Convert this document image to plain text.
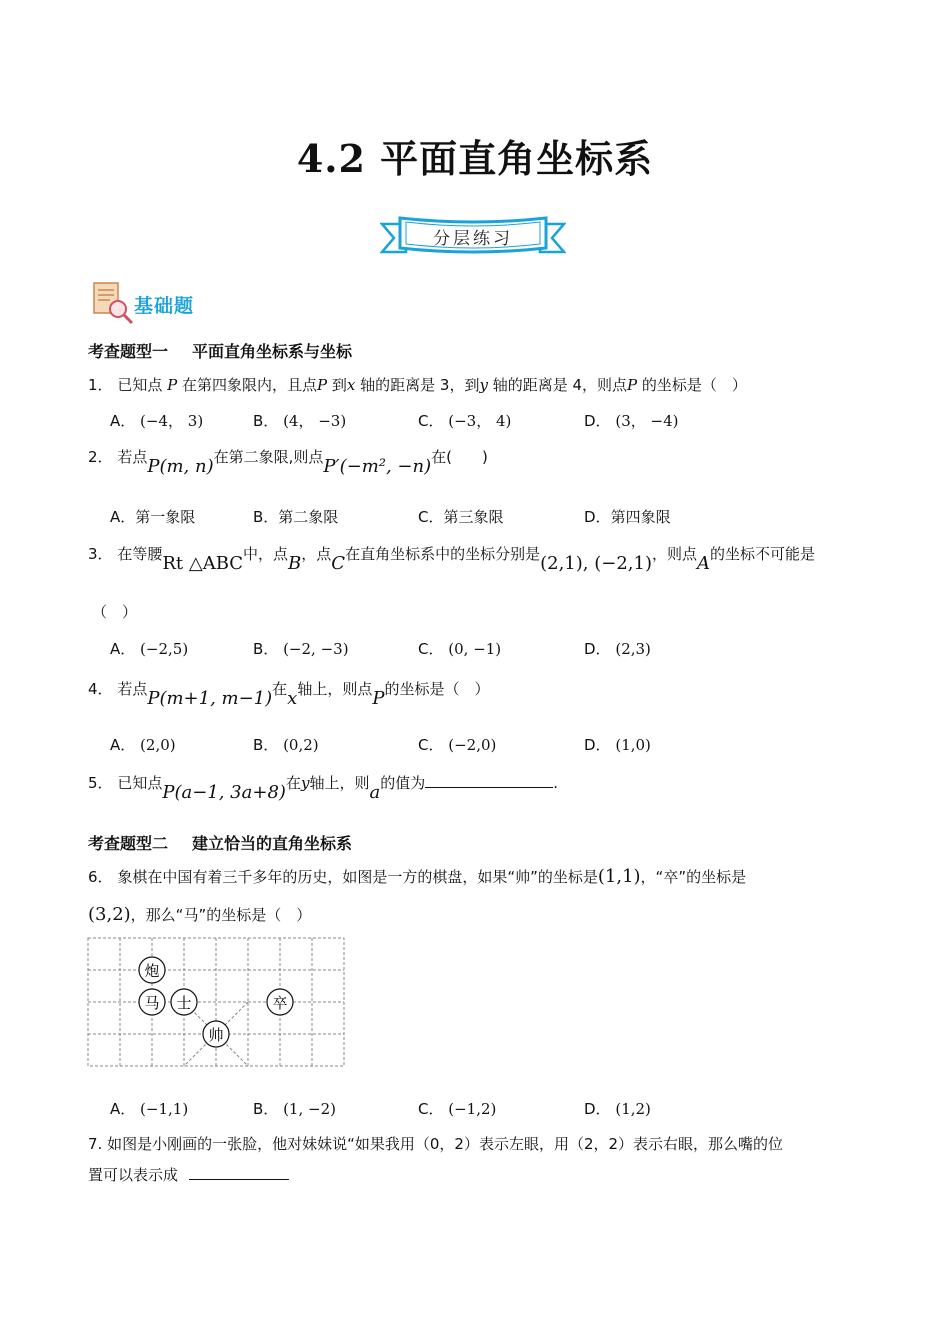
4.2 平面直角坐标系
分层练习
基础题
考查题型一 平面直角坐标系与坐标
1． 已知点 P 在第四象限内，且点P 到x 轴的距离是 3，到y 轴的距离是 4，则点P 的坐标是（　）
A． (−4， 3)	B． (4， −3)	C． (−3， 4)	D． (3， −4)
2． 若点P(m, n)在第二象限,则点P′(−m², −n)在(　　)
A．第一象限	B．第二象限	C．第三象限	D．第四象限
3． 在等腰Rt △ABC中，点B，点C在直角坐标系中的坐标分别是(2,1), (−2,1)，则点A的坐标不可能是
（　）
A． (−2,5)	B． (−2, −3)	C． (0, −1)	D． (2,3)
4． 若点P(m+1, m−1)在x轴上，则点P的坐标是（　）
A． (2,0)	B． (0,2)	C． (−2,0)	D． (1,0)
5． 已知点P(a−1, 3a+8)在y轴上，则a的值为	.
考查题型二 建立恰当的直角坐标系
6． 象棋在中国有着三千多年的历史，如图是一方的棋盘，如果“帅”的坐标是(1,1)，“卒”的坐标是
(3,2)，那么“马”的坐标是（　）
炮
马 士	卒
帅
A． (−1,1)	B． (1, −2)	C． (−1,2)	D． (1,2)
7. 如图是小刚画的一张脸，他对妹妹说“如果我用（0，2）表示左眼，用（2，2）表示右眼，那么嘴的位
置可以表示成
